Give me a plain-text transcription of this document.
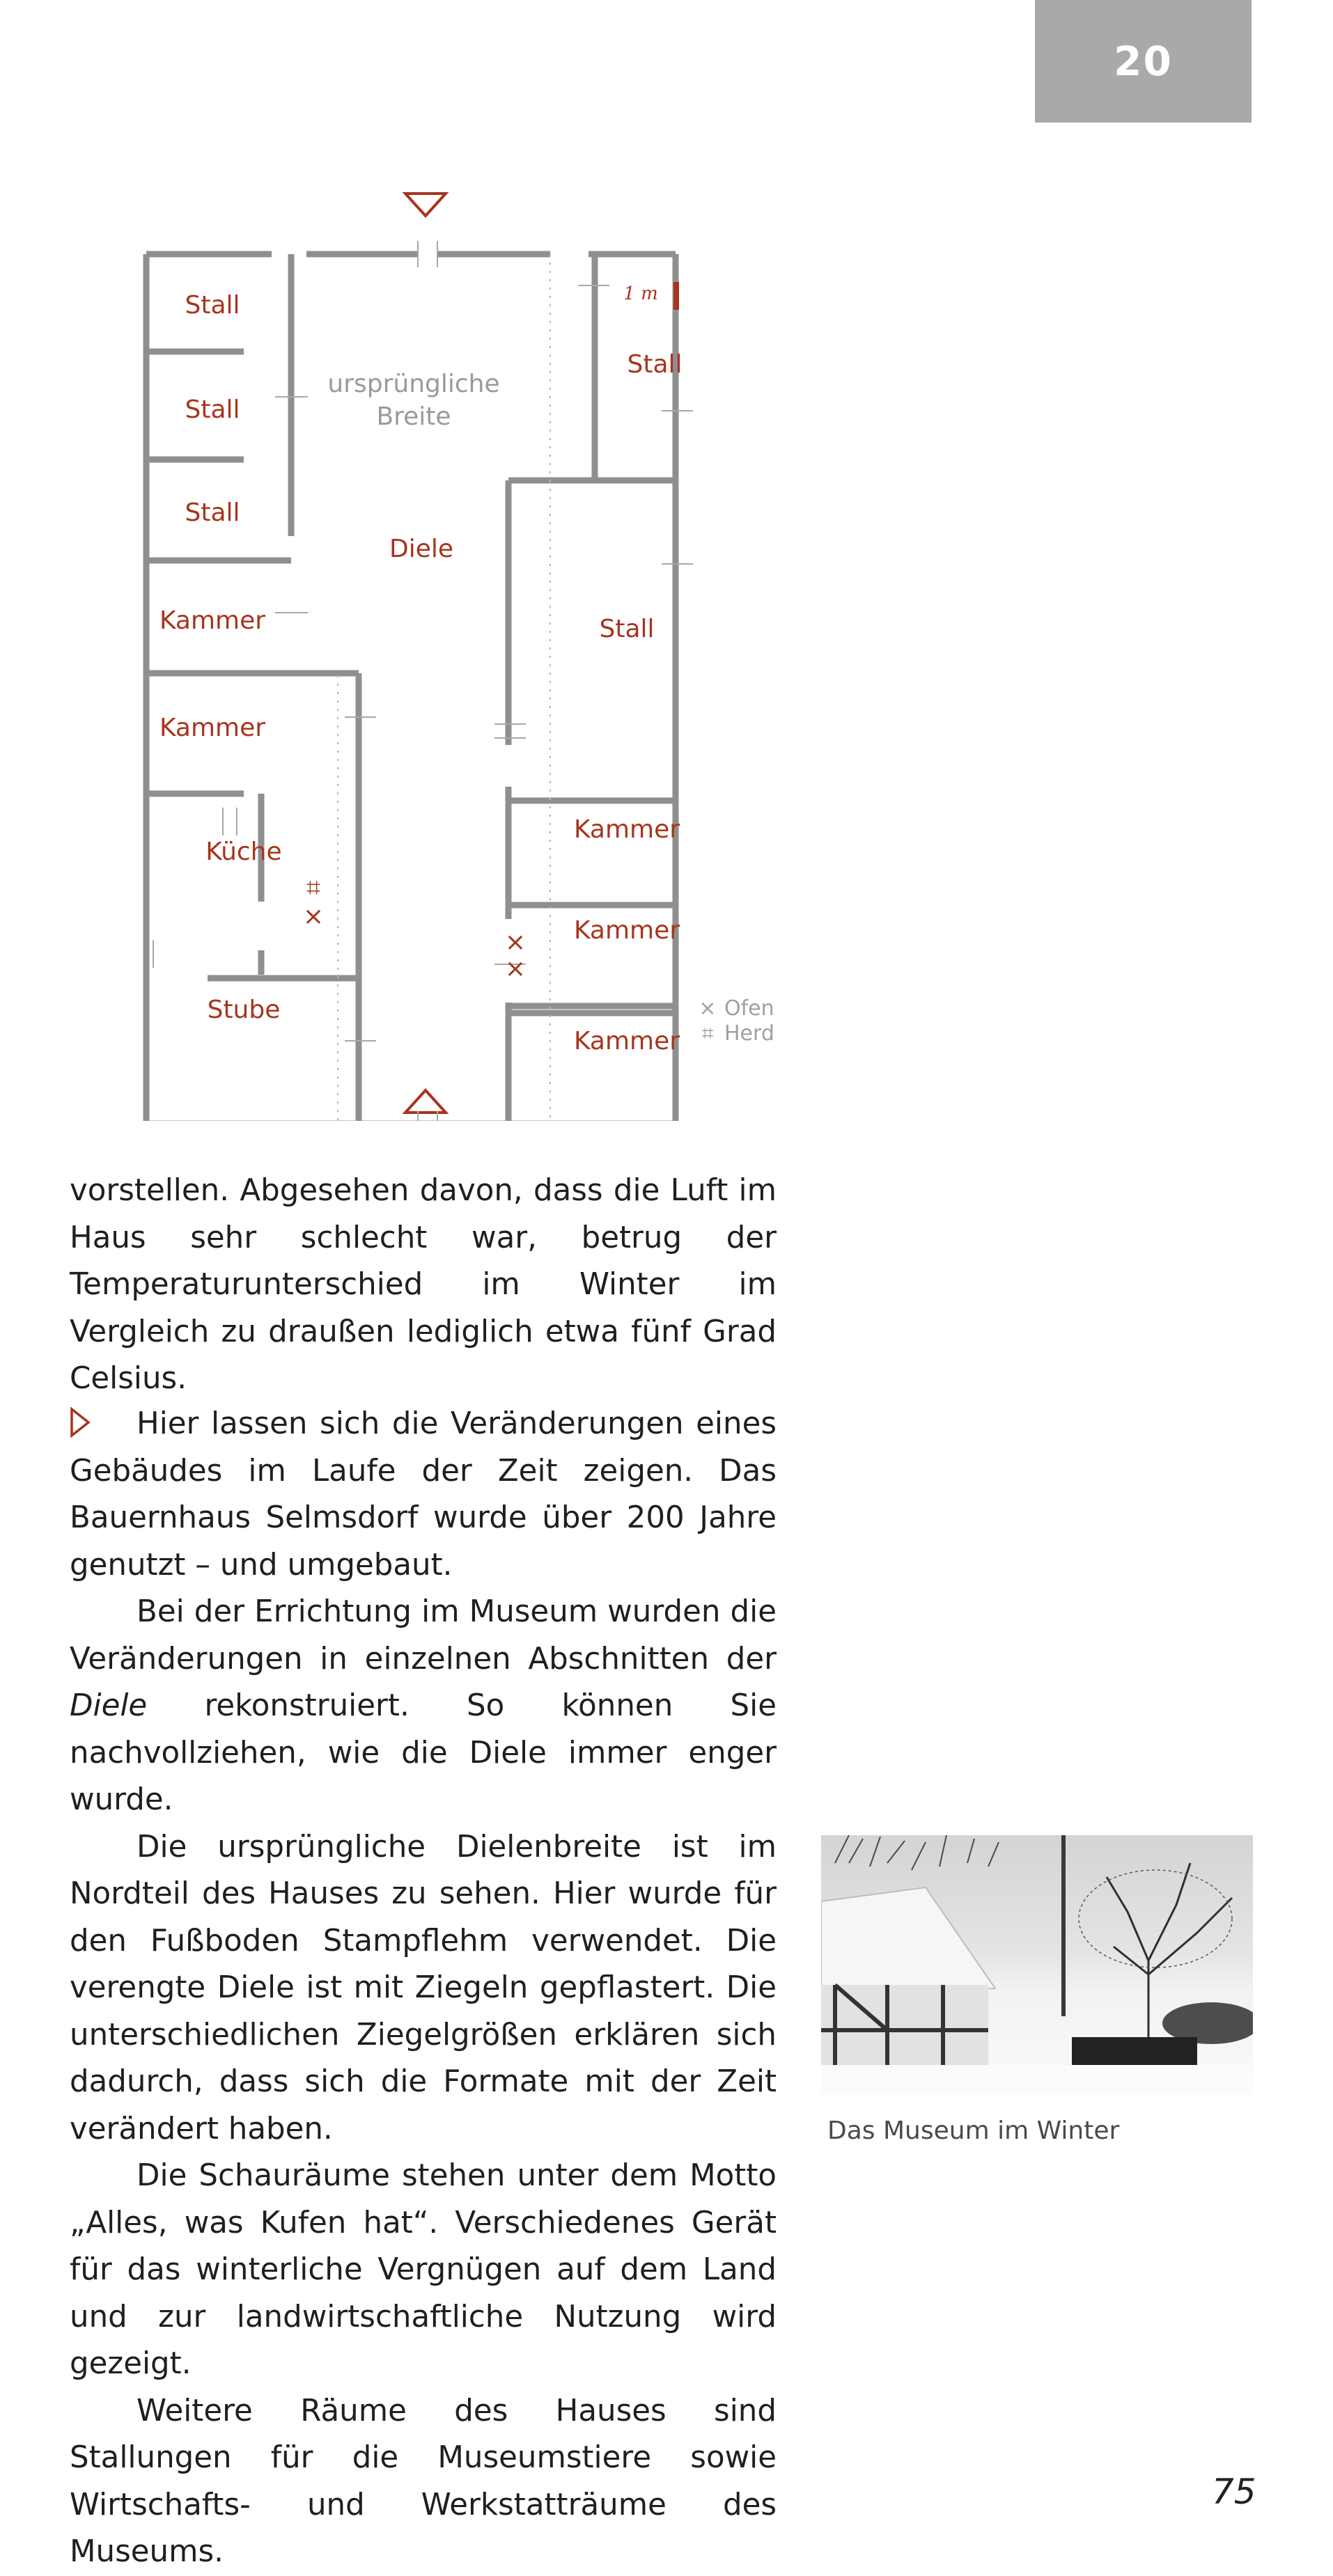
20
1 m
Stall
Stall
Stall
Kammer
Kammer
Küche
Stube
Diele
Stall
Stall
Kammer
Kammer
Kammer
ursprüngliche
Breite
⌗
×
×
×
× Ofen
⌗ Herd

vorstellen. Abgesehen davon, dass die Luft im Haus sehr schlecht war, betrug der Temperaturunterschied im Winter im Vergleich zu draußen lediglich etwa fünf Grad Celsius.

Hier lassen sich die Veränderungen eines Gebäudes im Laufe der Zeit zeigen. Das Bauernhaus Selmsdorf wurde über 200 Jahre genutzt – und umgebaut.

Bei der Errichtung im Museum wurden die Veränderungen in einzelnen Abschnitten der Diele rekonstruiert. So können Sie nachvollziehen, wie die Diele immer enger wurde.

Die ursprüngliche Dielenbreite ist im Nordteil des Hauses zu sehen. Hier wurde für den Fußboden Stampflehm verwendet. Die verengte Diele ist mit Ziegeln gepflastert. Die unterschiedlichen Ziegelgrößen erklären sich dadurch, dass sich die Formate mit der Zeit verändert haben.

Die Schauräume stehen unter dem Motto „Alles, was Kufen hat“. Verschiedenes Gerät für das winterliche Vergnügen auf dem Land und zur landwirtschaftliche Nutzung wird gezeigt.

Weitere Räume des Hauses sind Stallungen für die Museumstiere sowie Wirtschafts- und Werkstatträume des Museums.

Das Museum im Winter
75
